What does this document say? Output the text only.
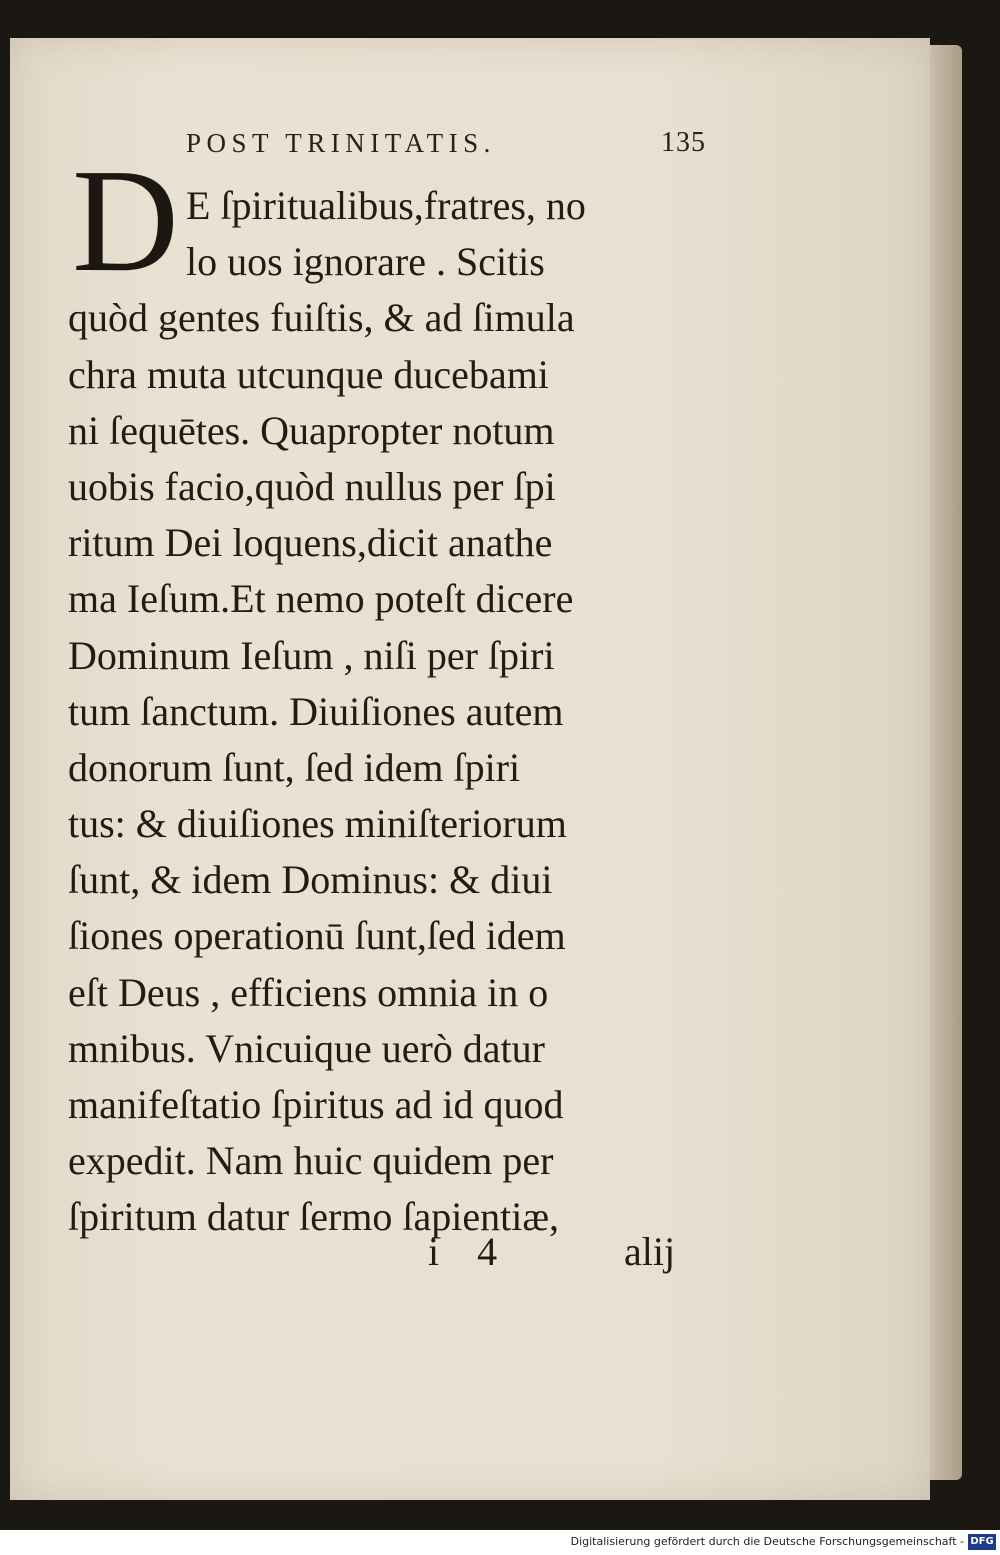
POST TRINITATIS.	135
D E ſpiritualibus,fratres, no
lo uos ignorare . Scitis
quòd gentes fuiſtis, & ad ſimula
chra muta utcunque ducebami
ni ſequētes. Quapropter notum
uobis facio,quòd nullus per ſpi
ritum Dei loquens,dicit anathe
ma Ieſum.Et nemo poteſt dicere
Dominum Ieſum , niſi per ſpiri
tum ſanctum. Diuiſiones autem
donorum ſunt, ſed idem ſpiri
tus: & diuiſiones miniſteriorum
ſunt, & idem Dominus: & diui
ſiones operationū ſunt,ſed idem
eſt Deus , efficiens omnia in o
mnibus. Vnicuique uerò datur
manifeſtatio ſpiritus ad id quod
expedit. Nam huic quidem per
ſpiritum datur ſermo ſapientiæ,
i 4	alij
Digitalisierung gefördert durch die Deutsche Forschungsgemeinschaft - DFG
